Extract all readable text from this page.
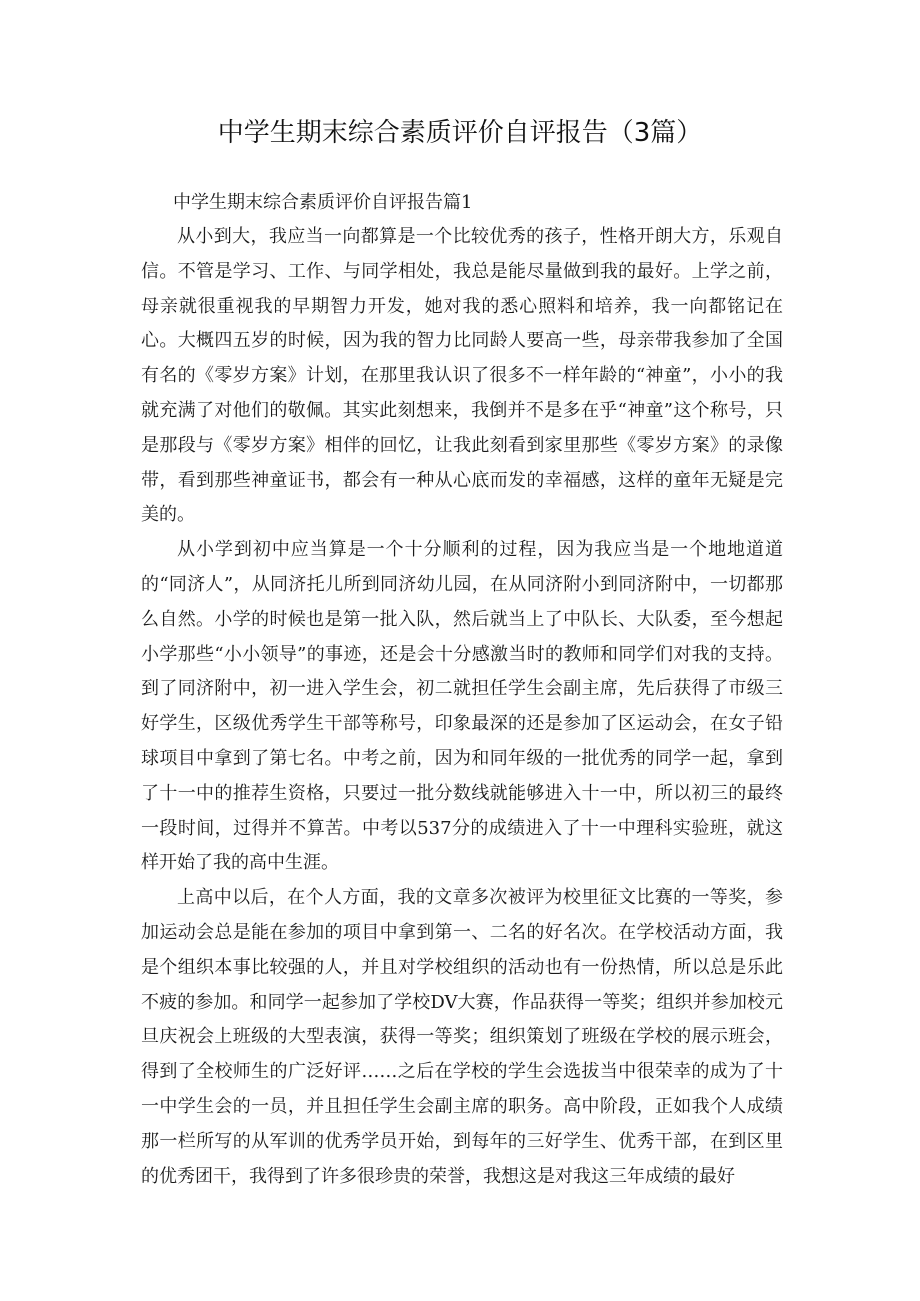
中学生期末综合素质评价自评报告（3篇）

中学生期末综合素质评价自评报告篇1

从小到大，我应当一向都算是一个比较优秀的孩子，性格开朗大方，乐观自信。不管是学习、工作、与同学相处，我总是能尽量做到我的最好。上学之前，母亲就很重视我的早期智力开发，她对我的悉心照料和培养，我一向都铭记在心。大概四五岁的时候，因为我的智力比同龄人要高一些，母亲带我参加了全国有名的《零岁方案》计划，在那里我认识了很多不一样年龄的“神童”，小小的我就充满了对他们的敬佩。其实此刻想来，我倒并不是多在乎“神童”这个称号，只是那段与《零岁方案》相伴的回忆，让我此刻看到家里那些《零岁方案》的录像带，看到那些神童证书，都会有一种从心底而发的幸福感，这样的童年无疑是完美的。

从小学到初中应当算是一个十分顺利的过程，因为我应当是一个地地道道的“同济人”，从同济托儿所到同济幼儿园，在从同济附小到同济附中，一切都那么自然。小学的时候也是第一批入队，然后就当上了中队长、大队委，至今想起小学那些“小小领导”的事迹，还是会十分感激当时的教师和同学们对我的支持。到了同济附中，初一进入学生会，初二就担任学生会副主席，先后获得了市级三好学生，区级优秀学生干部等称号，印象最深的还是参加了区运动会，在女子铅球项目中拿到了第七名。中考之前，因为和同年级的一批优秀的同学一起，拿到了十一中的推荐生资格，只要过一批分数线就能够进入十一中，所以初三的最终一段时间，过得并不算苦。中考以537分的成绩进入了十一中理科实验班，就这样开始了我的高中生涯。

上高中以后，在个人方面，我的文章多次被评为校里征文比赛的一等奖，参加运动会总是能在参加的项目中拿到第一、二名的好名次。在学校活动方面，我是个组织本事比较强的人，并且对学校组织的活动也有一份热情，所以总是乐此不疲的参加。和同学一起参加了学校DV大赛，作品获得一等奖；组织并参加校元旦庆祝会上班级的大型表演，获得一等奖；组织策划了班级在学校的展示班会，得到了全校师生的广泛好评……之后在学校的学生会选拔当中很荣幸的成为了十一中学生会的一员，并且担任学生会副主席的职务。高中阶段，正如我个人成绩那一栏所写的从军训的优秀学员开始，到每年的三好学生、优秀干部，在到区里的优秀团干，我得到了许多很珍贵的荣誉，我想这是对我这三年成绩的最好
